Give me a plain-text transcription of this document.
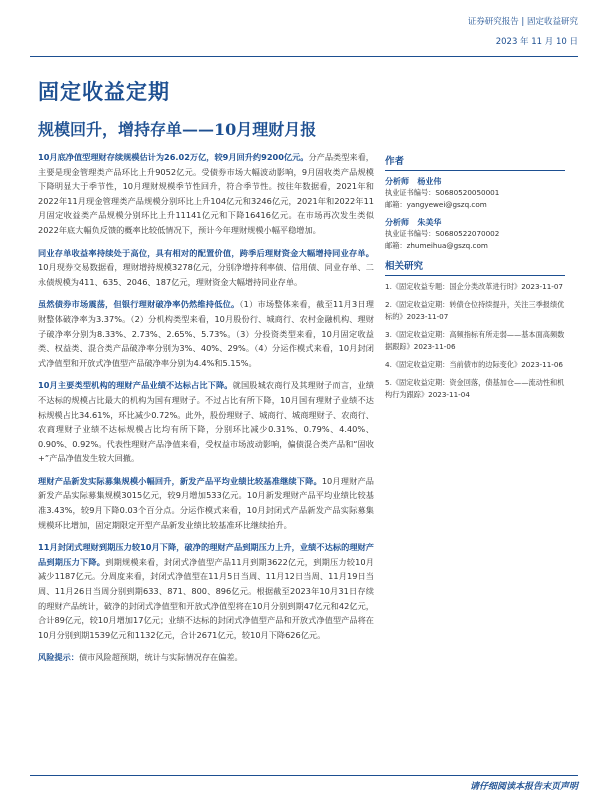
证券研究报告 | 固定收益研究
2023 年 11 月 10 日
固定收益定期
规模回升，增持存单——10月理财月报

10月底净值型理财存续规模估计为26.02万亿，较9月回升约9200亿元。分产品类型来看，主要是现金管理类产品环比上升9052亿元。受债券市场大幅波动影响，9月固收类产品规模下降明显大于季节性，10月理财规模季节性回升，符合季节性。按往年数据看，2021年和2022年11月现金管理类产品规模分别环比上升104亿元和3246亿元，2021年和2022年11月固定收益类产品规模分别环比上升11141亿元和下降16416亿元。在市场再次发生类似2022年底大幅负反馈的概率比较低情况下，预计今年理财规模小幅平稳增加。

同业存单收益率持续处于高位，具有相对的配置价值，跨季后理财资金大幅增持同业存单。10月现券交易数据看，理财增持规模3278亿元，分别净增持利率债、信用债、同业存单、二永债规模为411、635、2046、187亿元，理财资金大幅增持同业存单。

虽然债券市场震荡，但银行理财破净率仍然维持低位。（1）市场整体来看，截至11月3日理财整体破净率为3.37%。（2）分机构类型来看，10月股份行、城商行、农村金融机构、理财子破净率分别为8.33%、2.73%、2.65%、5.73%。（3）分投资类型来看，10月固定收益类、权益类、混合类产品破净率分别为3%、40%、29%。（4）分运作模式来看，10月封闭式净值型和开放式净值型产品破净率分别为4.4%和5.15%。

10月主要类型机构的理财产品业绩不达标占比下降。就国股城农商行及其理财子而言，业绩不达标的规模占比最大的机构为国有理财子。不过占比有所下降，10月国有理财子业绩不达标规模占比34.61%，环比减少0.72%。此外，股份理财子、城商行、城商理财子、农商行、农商理财子业绩不达标规模占比均有所下降，分别环比减少0.31%、0.79%、4.40%、0.90%、0.92%。代表性理财产品净值来看，受权益市场波动影响，偏债混合类产品和“固收+”产品净值发生较大回撤。

理财产品新发实际募集规模小幅回升，新发产品平均业绩比较基准继续下降。10月理财产品新发产品实际募集规模3015亿元，较9月增加533亿元。10月新发理财产品平均业绩比较基准3.43%，较9月下降0.03个百分点。分运作模式来看，10月封闭式产品新发产品实际募集规模环比增加，固定期限定开型产品新发业绩比较基准环比继续抬升。

11月封闭式理财到期压力较10月下降，破净的理财产品到期压力上升，业绩不达标的理财产品到期压力下降。到期规模来看，封闭式净值型产品11月到期3622亿元，到期压力较10月减少1187亿元。分周度来看，封闭式净值型在11月5日当周、11月12日当周、11月19日当周、11月26日当周分别到期633、871、800、896亿元。根据截至2023年10月31日存续的理财产品统计，破净的封闭式净值型和开放式净值型将在10月分别到期47亿元和42亿元，合计89亿元，较10月增加17亿元；业绩不达标的封闭式净值型产品和开放式净值型产品将在10月分别到期1539亿元和1132亿元，合计2671亿元，较10月下降626亿元。

风险提示：债市风险超预期，统计与实际情况存在偏差。

作者
分析师 杨业伟
执业证书编号：S0680520050001
邮箱：yangyewei@gszq.com
分析师 朱美华
执业证书编号：S0680522070002
邮箱：zhumeihua@gszq.com
相关研究
1.《固定收益专题：国企分类改革进行时》2023-11-07
2.《固定收益定期：转债仓位持续提升，关注三季报绩优标的》2023-11-07
3.《固定收益定期：高频指标有所走弱——基本面高频数据跟踪》2023-11-06
4.《固定收益定期：当前债市的边际变化》2023-11-06
5.《固定收益定期：资金回落，债基加仓——流动性和机构行为跟踪》2023-11-04
请仔细阅读本报告末页声明
